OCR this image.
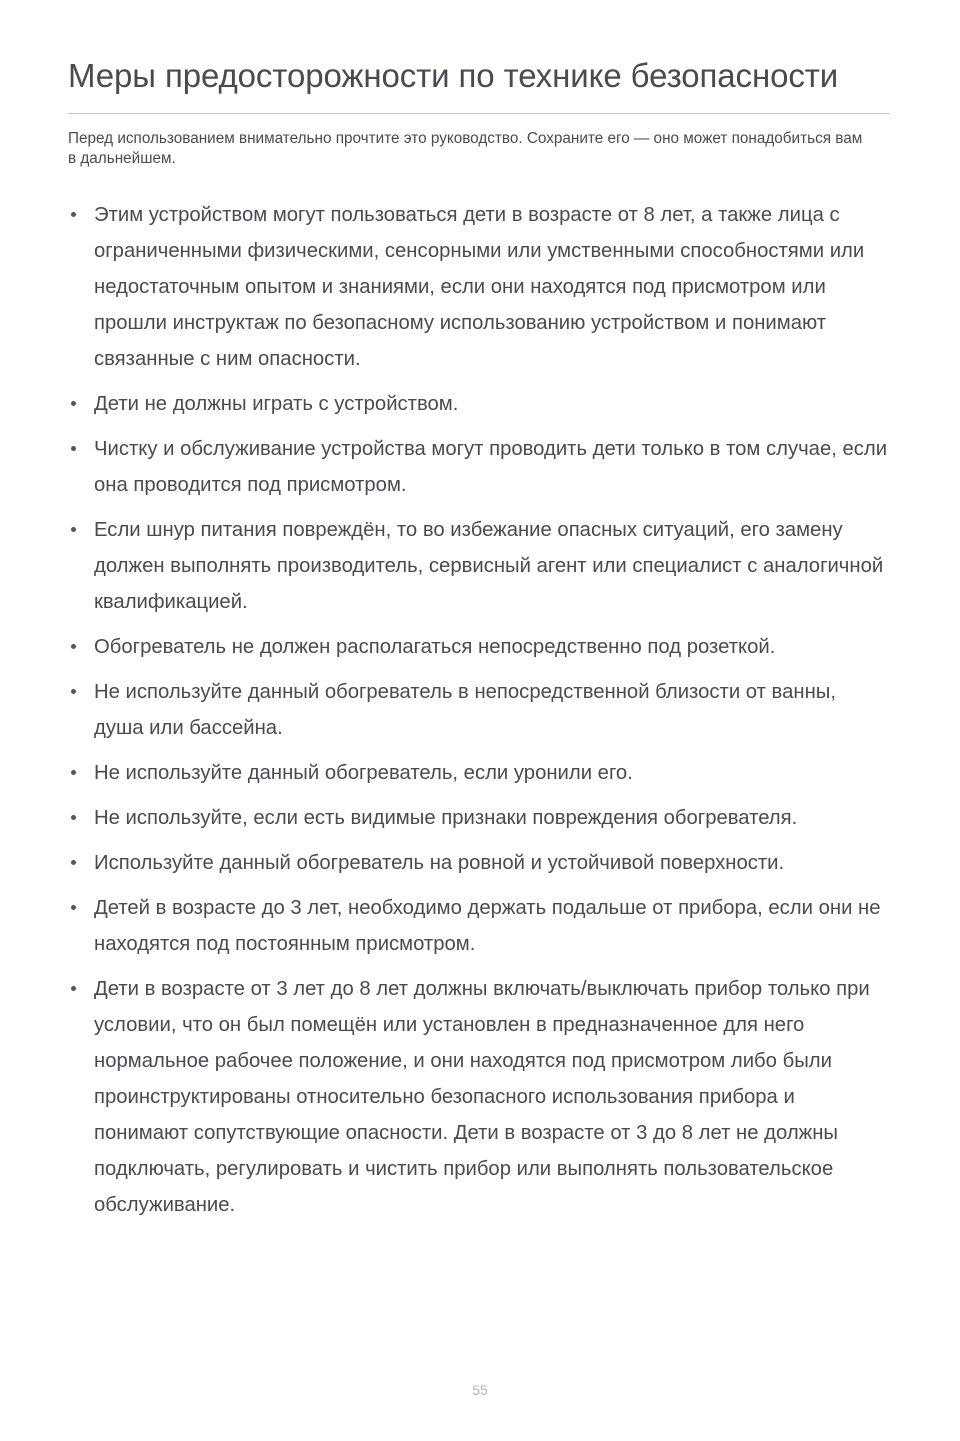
Меры предосторожности по технике безопасности

Перед использованием внимательно прочтите это руководство. Сохраните его — оно может понадобиться вам в дальнейшем.

Этим устройством могут пользоваться дети в возрасте от 8 лет, а также лица с ограниченными физическими, сенсорными или умственными способностями или недостаточным опытом и знаниями, если они находятся под присмотром или прошли инструктаж по безопасному использованию устройством и понимают связанные с ним опасности.
Дети не должны играть с устройством.
Чистку и обслуживание устройства могут проводить дети только в том случае, если она проводится под присмотром.
Если шнур питания повреждён, то во избежание опасных ситуаций, его замену должен выполнять производитель, сервисный агент или специалист с аналогичной квалификацией.
Обогреватель не должен располагаться непосредственно под розеткой.
Не используйте данный обогреватель в непосредственной близости от ванны, душа или бассейна.
Не используйте данный обогреватель, если уронили его.
Не используйте, если есть видимые признаки повреждения обогревателя.
Используйте данный обогреватель на ровной и устойчивой поверхности.
Детей в возрасте до 3 лет, необходимо держать подальше от прибора, если они не находятся под постоянным присмотром.
Дети в возрасте от 3 лет до 8 лет должны включать/выключать прибор только при условии, что он был помещён или установлен в предназначенное для него нормальное рабочее положение, и они находятся под присмотром либо были проинструктированы относительно безопасного использования прибора и понимают сопутствующие опасности. Дети в возрасте от 3 до 8 лет не должны подключать, регулировать и чистить прибор или выполнять пользовательское обслуживание.
55
